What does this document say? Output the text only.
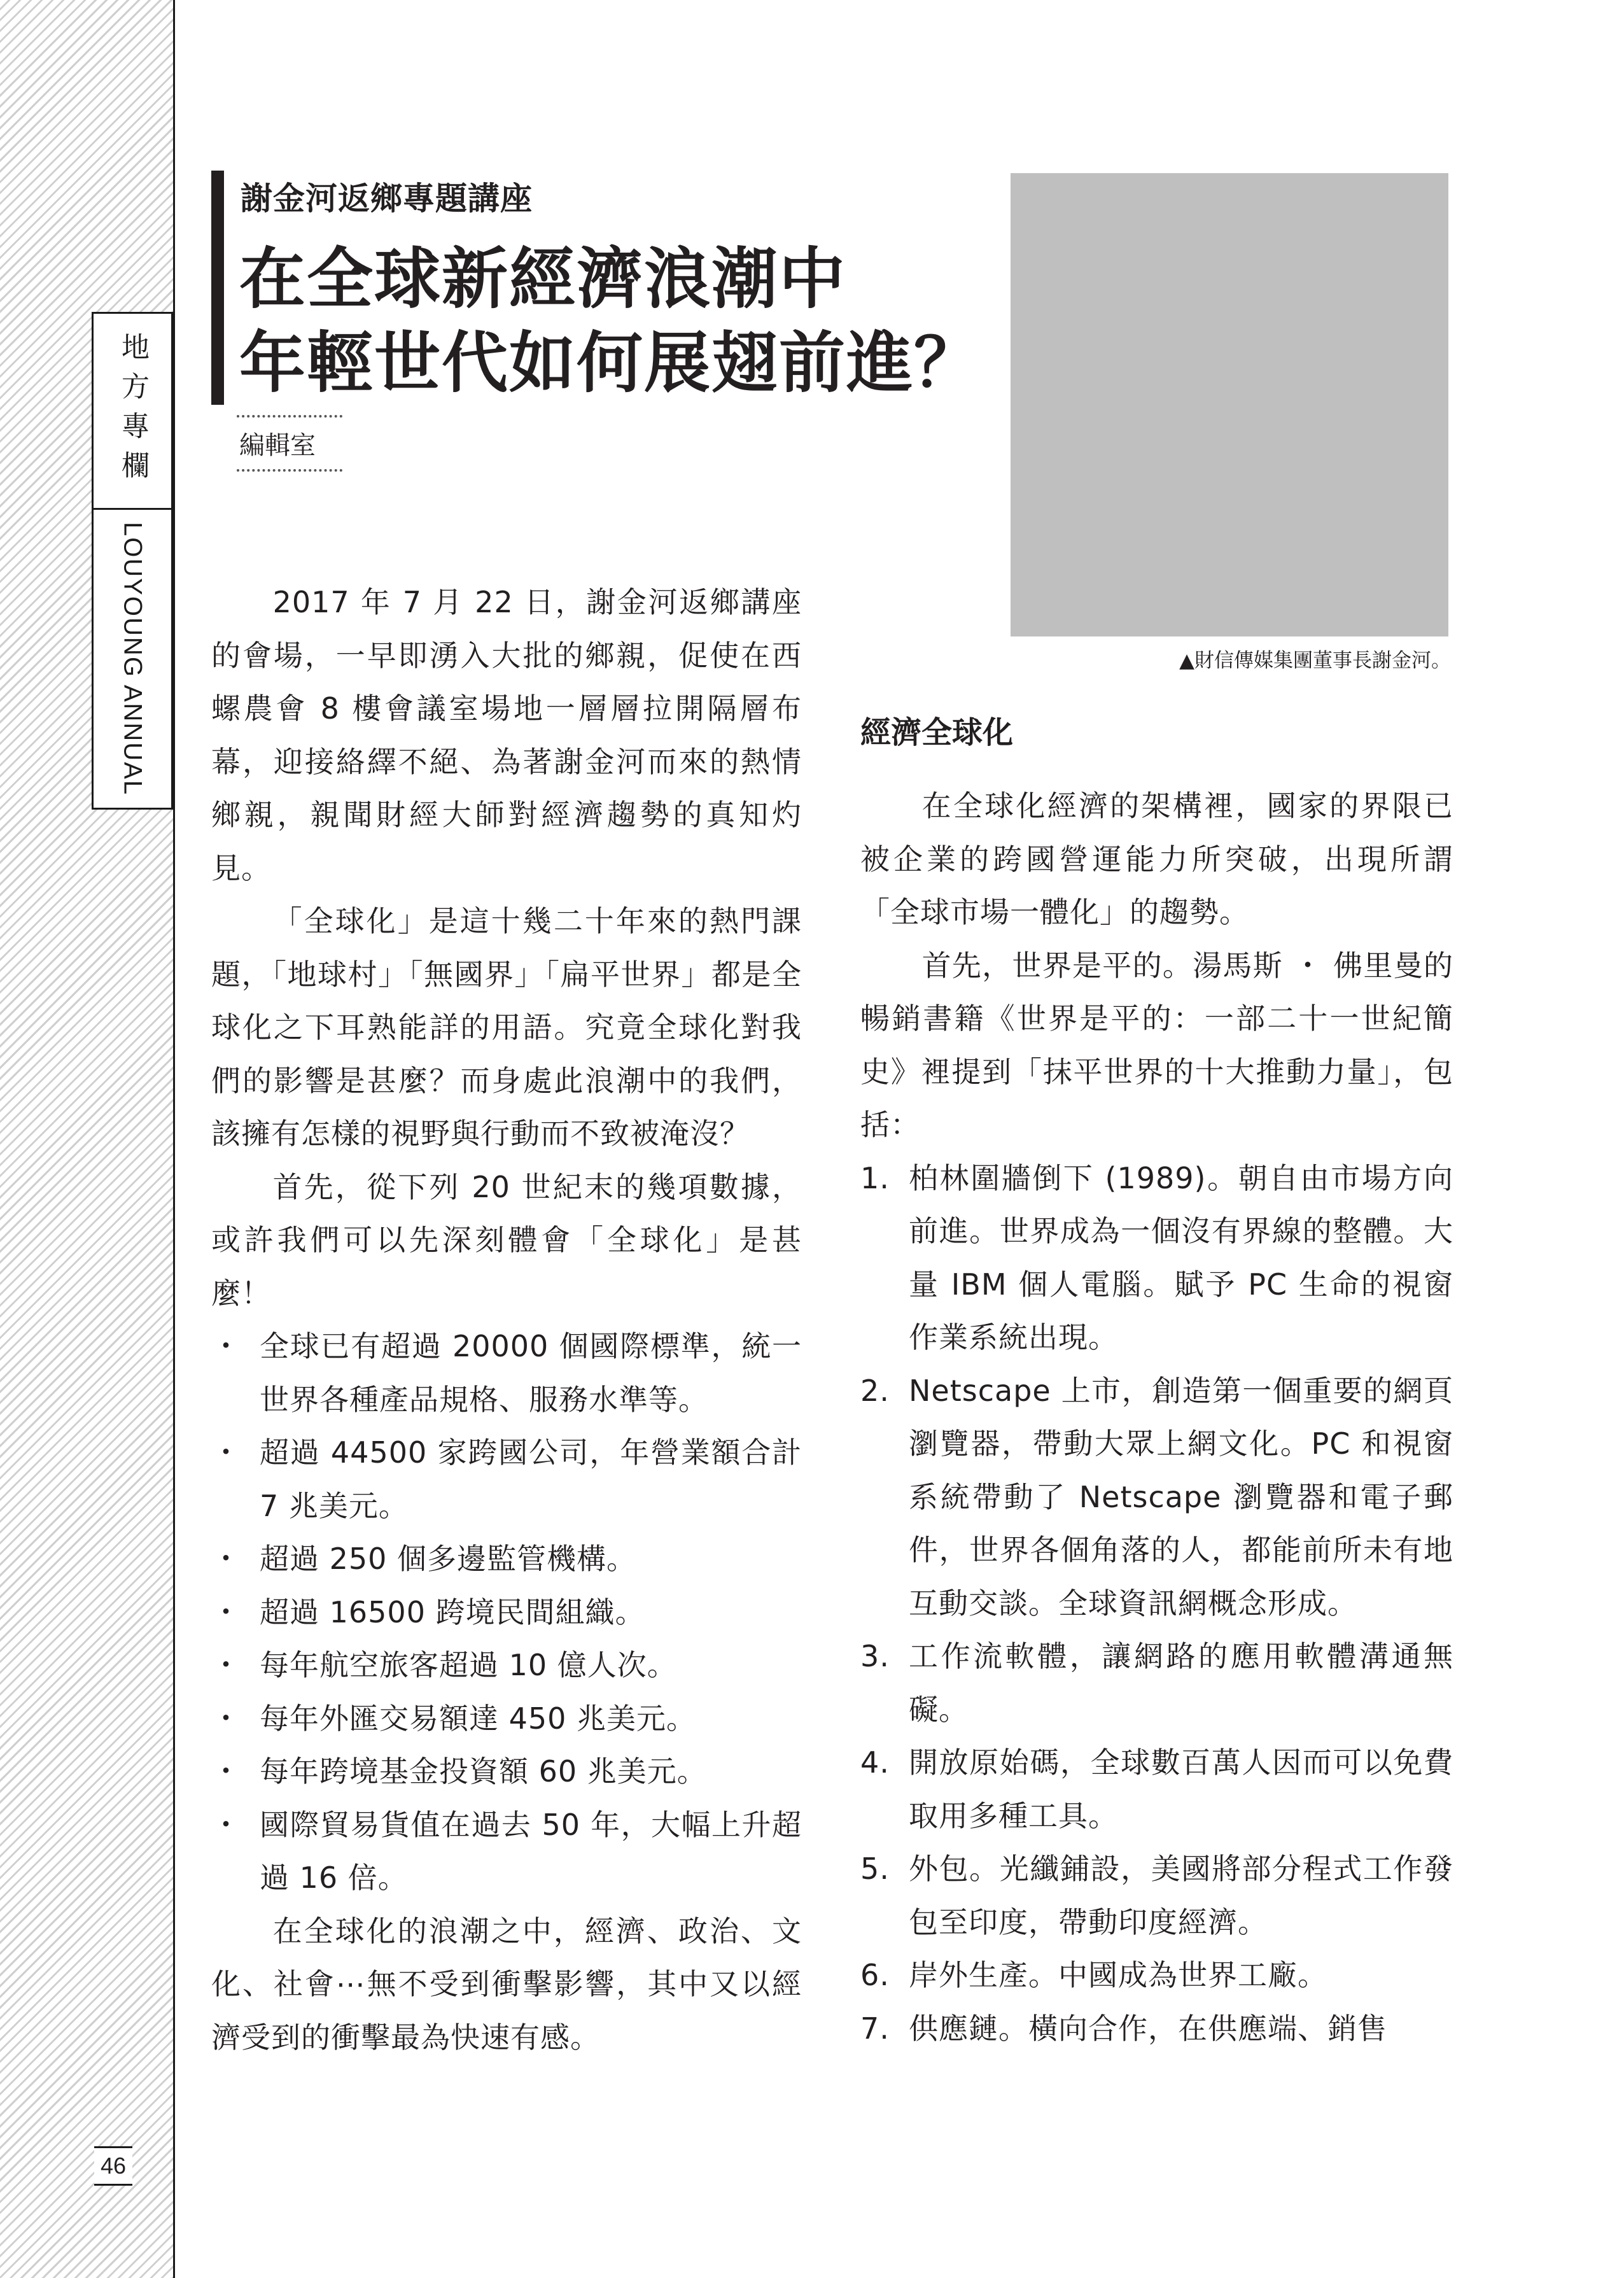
地方專欄
LOUYOUNG ANNUAL
46
謝金河返鄉專題講座
在全球新經濟浪潮中
年輕世代如何展翅前進？
編輯室
▲財信傳媒集團董事長謝金河。

2017 年 7 月 22 日，謝金河返鄉講座的會場，一早即湧入大批的鄉親，促使在西螺農會 8 樓會議室場地一層層拉開隔層布幕，迎接絡繹不絕、為著謝金河而來的熱情鄉親，親聞財經大師對經濟趨勢的真知灼見。

「全球化」是這十幾二十年來的熱門課題，「地球村」「無國界」「扁平世界」都是全球化之下耳熟能詳的用語。究竟全球化對我們的影響是甚麼？而身處此浪潮中的我們，該擁有怎樣的視野與行動而不致被淹沒？

首先，從下列 20 世紀末的幾項數據，或許我們可以先深刻體會「全球化」是甚麼！

・ 全球已有超過 20000 個國際標準，統一世界各種產品規格、服務水準等。
・ 超過 44500 家跨國公司，年營業額合計 7 兆美元。
・ 超過 250 個多邊監管機構。
・ 超過 16500 跨境民間組織。
・ 每年航空旅客超過 10 億人次。
・ 每年外匯交易額達 450 兆美元。
・ 每年跨境基金投資額 60 兆美元。
・ 國際貿易貨值在過去 50 年，大幅上升超過 16 倍。

在全球化的浪潮之中，經濟、政治、文化、社會⋯無不受到衝擊影響，其中又以經濟受到的衝擊最為快速有感。

經濟全球化

在全球化經濟的架構裡，國家的界限已被企業的跨國營運能力所突破，出現所謂「全球市場一體化」的趨勢。

首先，世界是平的。湯馬斯 ・ 佛里曼的暢銷書籍《世界是平的：一部二十一世紀簡史》裡提到「抹平世界的十大推動力量」，包括：

1. 柏林圍牆倒下 (1989)。朝自由市場方向前進。世界成為一個沒有界線的整體。大量 IBM 個人電腦。賦予 PC 生命的視窗作業系統出現。
2. Netscape 上市，創造第一個重要的網頁瀏覽器，帶動大眾上網文化。PC 和視窗系統帶動了 Netscape 瀏覽器和電子郵件，世界各個角落的人，都能前所未有地互動交談。全球資訊網概念形成。
3. 工作流軟體，讓網路的應用軟體溝通無礙。
4. 開放原始碼，全球數百萬人因而可以免費取用多種工具。
5. 外包。光纖鋪設，美國將部分程式工作發包至印度，帶動印度經濟。
6. 岸外生產。中國成為世界工廠。
7. 供應鏈。橫向合作，在供應端、銷售
